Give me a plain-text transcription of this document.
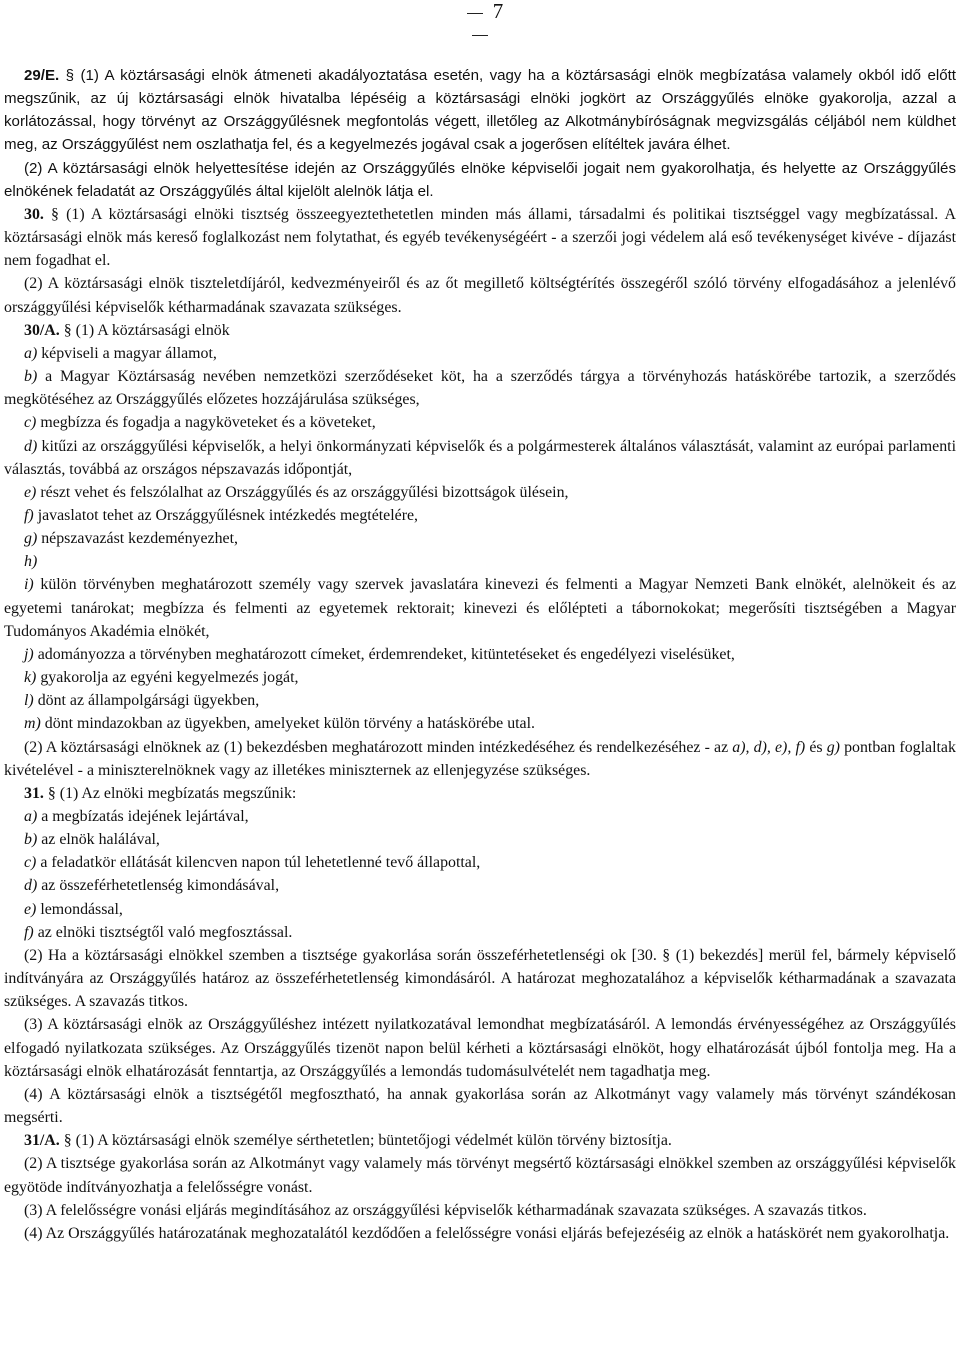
7

29/E. § (1) A köztársasági elnök átmeneti akadályoztatása esetén, vagy ha a köztársasági elnök megbízatása valamely okból idő előtt megszűnik, az új köztársasági elnök hivatalba lépéséig a köztársasági elnöki jogkört az Országgyűlés elnöke gyakorolja, azzal a korlátozással, hogy törvényt az Országgyűlésnek megfontolás végett, illetőleg az Alkotmánybíróságnak megvizsgálás céljából nem küldhet meg, az Országgyűlést nem oszlathatja fel, és a kegyelmezés jogával csak a jogerősen elítéltek javára élhet.

(2) A köztársasági elnök helyettesítése idején az Országgyűlés elnöke képviselői jogait nem gyakorolhatja, és helyette az Országgyűlés elnökének feladatát az Országgyűlés által kijelölt alelnök látja el.

30. § (1) A köztársasági elnöki tisztség összeegyeztethetetlen minden más állami, társadalmi és politikai tisztséggel vagy megbízatással. A köztársasági elnök más kereső foglalkozást nem folytathat, és egyéb tevékenységéért - a szerzői jogi védelem alá eső tevékenységet kivéve - díjazást nem fogadhat el.

(2) A köztársasági elnök tiszteletdíjáról, kedvezményeiről és az őt megillető költségtérítés összegéről szóló törvény elfogadásához a jelenlévő országgyűlési képviselők kétharmadának szavazata szükséges.

30/A. § (1) A köztársasági elnök

a) képviseli a magyar államot,

b) a Magyar Köztársaság nevében nemzetközi szerződéseket köt, ha a szerződés tárgya a törvényhozás hatáskörébe tartozik, a szerződés megkötéséhez az Országgyűlés előzetes hozzájárulása szükséges,

c) megbízza és fogadja a nagyköveteket és a követeket,

d) kitűzi az országgyűlési képviselők, a helyi önkormányzati képviselők és a polgármesterek általános választását, valamint az európai parlamenti választás, továbbá az országos népszavazás időpontját,

e) részt vehet és felszólalhat az Országgyűlés és az országgyűlési bizottságok ülésein,

f) javaslatot tehet az Országgyűlésnek intézkedés megtételére,

g) népszavazást kezdeményezhet,

h)

i) külön törvényben meghatározott személy vagy szervek javaslatára kinevezi és felmenti a Magyar Nemzeti Bank elnökét, alelnökeit és az egyetemi tanárokat; megbízza és felmenti az egyetemek rektorait; kinevezi és előlépteti a tábornokokat; megerősíti tisztségében a Magyar Tudományos Akadémia elnökét,

j) adományozza a törvényben meghatározott címeket, érdemrendeket, kitüntetéseket és engedélyezi viselésüket,

k) gyakorolja az egyéni kegyelmezés jogát,

l) dönt az állampolgársági ügyekben,

m) dönt mindazokban az ügyekben, amelyeket külön törvény a hatáskörébe utal.

(2) A köztársasági elnöknek az (1) bekezdésben meghatározott minden intézkedéséhez és rendelkezéséhez - az a), d), e), f) és g) pontban foglaltak kivételével - a miniszterelnöknek vagy az illetékes miniszternek az ellenjegyzése szükséges.

31. § (1) Az elnöki megbízatás megszűnik:

a) a megbízatás idejének lejártával,

b) az elnök halálával,

c) a feladatkör ellátását kilencven napon túl lehetetlenné tevő állapottal,

d) az összeférhetetlenség kimondásával,

e) lemondással,

f) az elnöki tisztségtől való megfosztással.

(2) Ha a köztársasági elnökkel szemben a tisztsége gyakorlása során összeférhetetlenségi ok [30. § (1) bekezdés] merül fel, bármely képviselő indítványára az Országgyűlés határoz az összeférhetetlenség kimondásáról. A határozat meghozatalához a képviselők kétharmadának a szavazata szükséges. A szavazás titkos.

(3) A köztársasági elnök az Országgyűléshez intézett nyilatkozatával lemondhat megbízatásáról. A lemondás érvényességéhez az Országgyűlés elfogadó nyilatkozata szükséges. Az Országgyűlés tizenöt napon belül kérheti a köztársasági elnököt, hogy elhatározását újból fontolja meg. Ha a köztársasági elnök elhatározását fenntartja, az Országgyűlés a lemondás tudomásulvételét nem tagadhatja meg.

(4) A köztársasági elnök a tisztségétől megfosztható, ha annak gyakorlása során az Alkotmányt vagy valamely más törvényt szándékosan megsérti.

31/A. § (1) A köztársasági elnök személye sérthetetlen; büntetőjogi védelmét külön törvény biztosítja.

(2) A tisztsége gyakorlása során az Alkotmányt vagy valamely más törvényt megsértő köztársasági elnökkel szemben az országgyűlési képviselők egyötöde indítványozhatja a felelősségre vonást.

(3) A felelősségre vonási eljárás megindításához az országgyűlési képviselők kétharmadának szavazata szükséges. A szavazás titkos.

(4) Az Országgyűlés határozatának meghozatalától kezdődően a felelősségre vonási eljárás befejezéséig az elnök a hatáskörét nem gyakorolhatja.
